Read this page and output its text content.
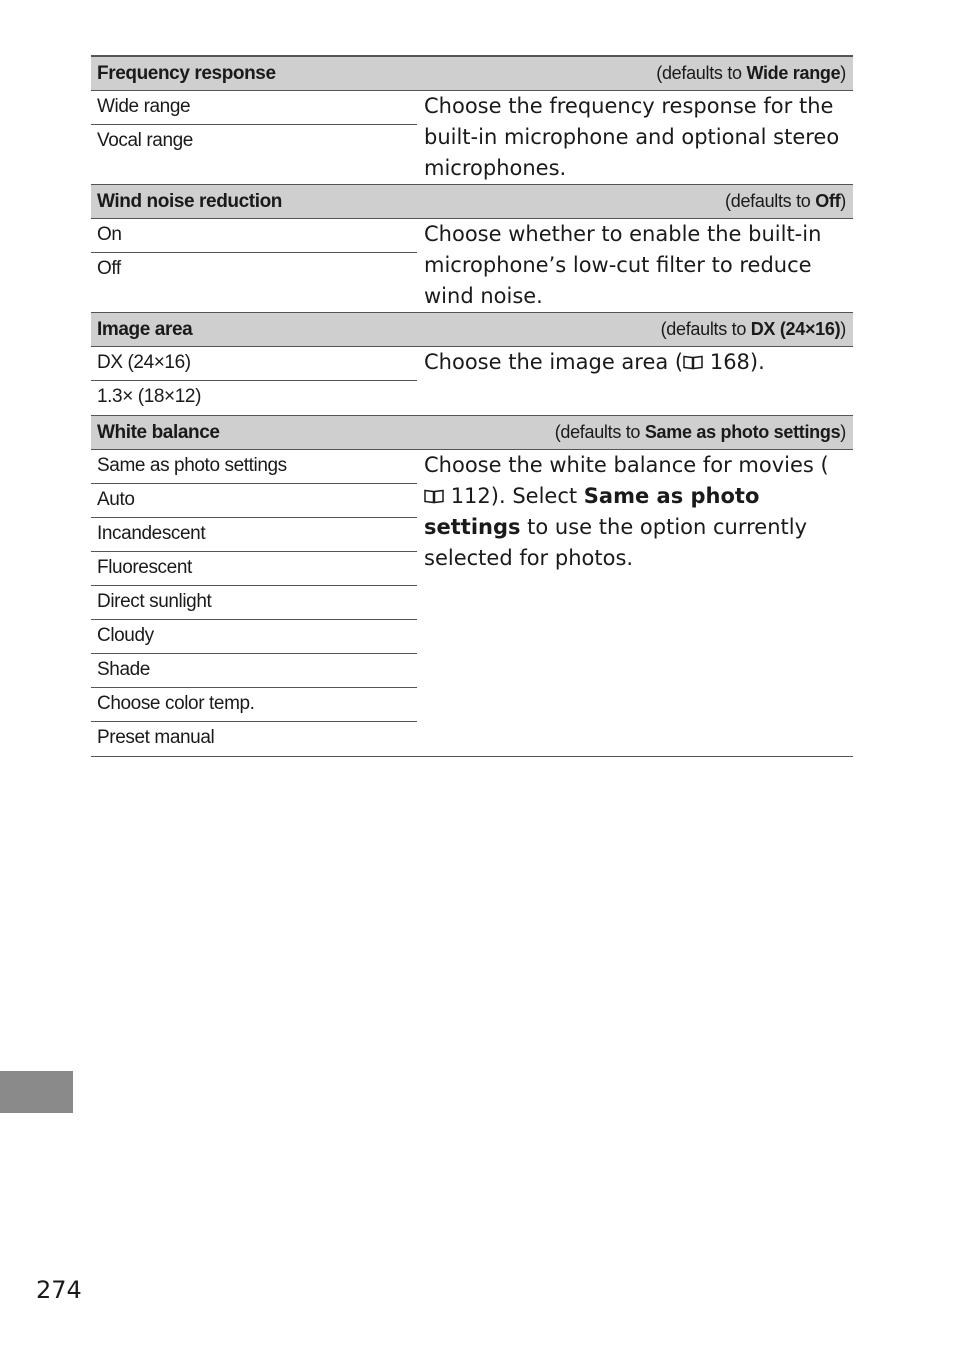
Frequency response	(defaults to Wide range)
Wide range
Vocal range
Choose the frequency response for the built-in microphone and optional stereo microphones.
Wind noise reduction	(defaults to Off)
On
Off
Choose whether to enable the built-in microphone’s low-cut filter to reduce wind noise.
Image area	(defaults to DX (24×16))
DX (24×16)
1.3× (18×12)
Choose the image area ( 168).
White balance	(defaults to Same as photo settings)
Same as photo settings
Auto
Incandescent
Fluorescent
Direct sunlight
Cloudy
Shade
Choose color temp.
Preset manual
Choose the white balance for movies ( 112). Select Same as photo settings to use the option currently selected for photos.
274
